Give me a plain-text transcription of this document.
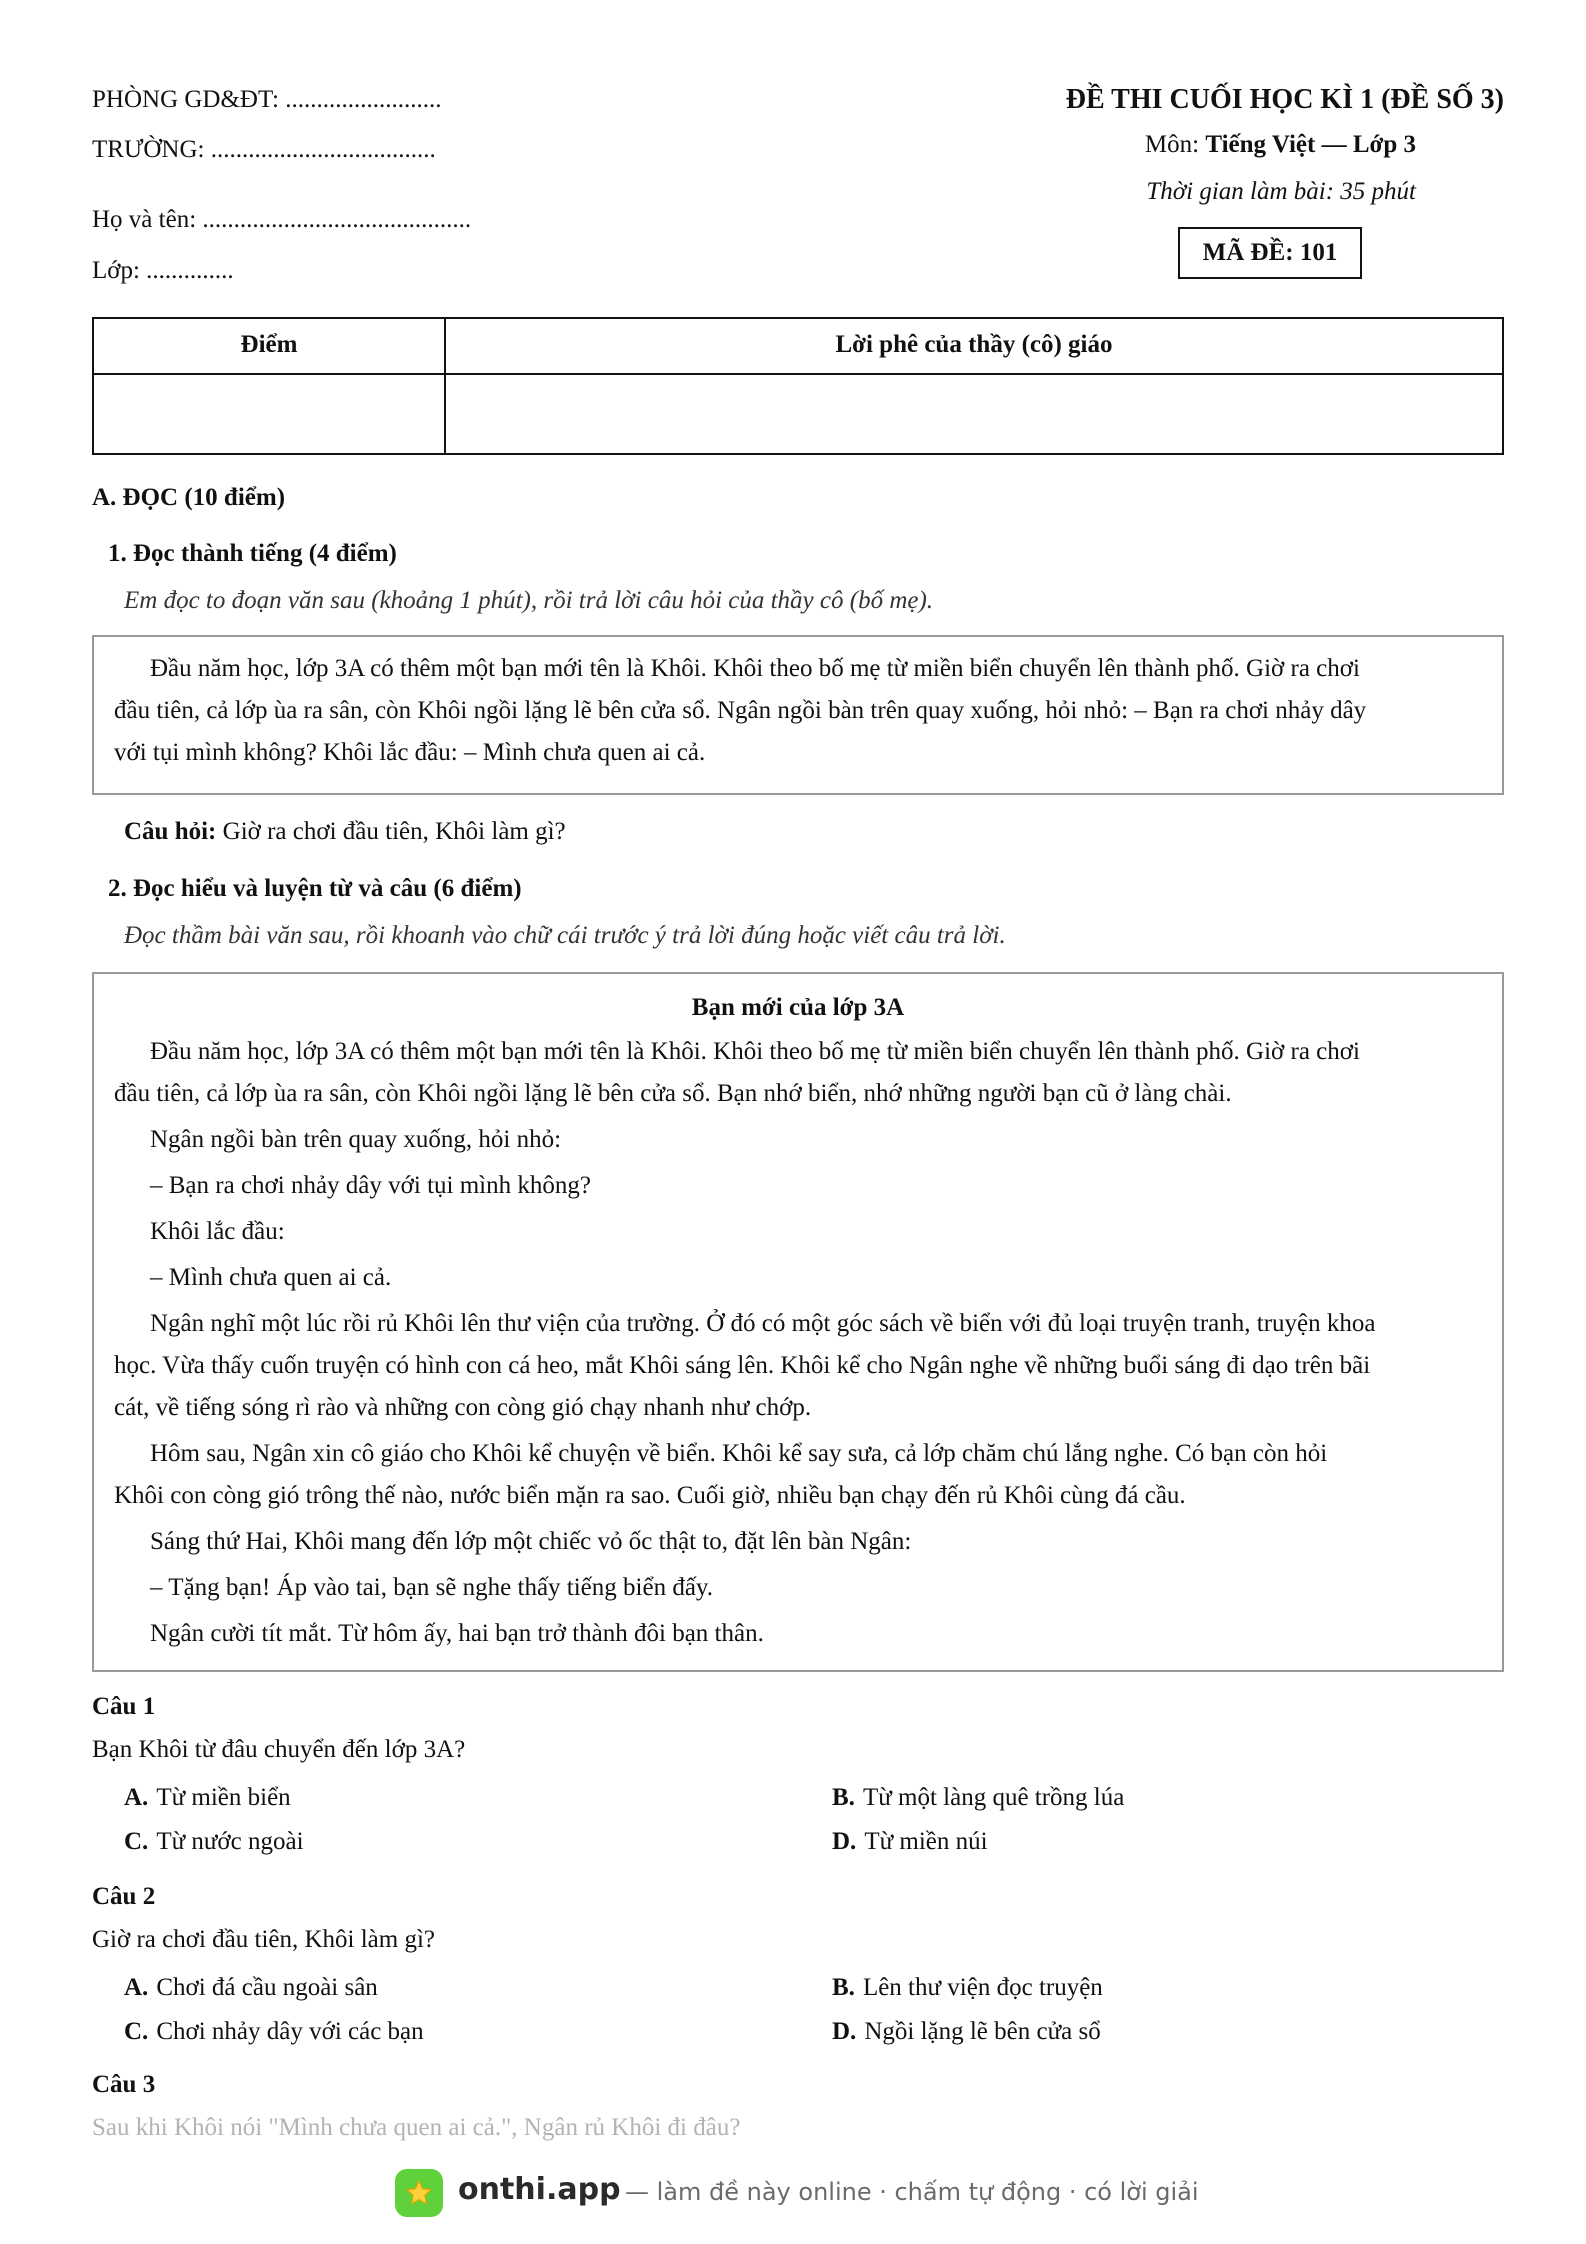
PHÒNG GD&ĐT: .........................
TRƯỜNG: ....................................
Họ và tên: ...........................................
Lớp: ..............
ĐỀ THI CUỐI HỌC KÌ 1 (ĐỀ SỐ 3)
Môn: Tiếng Việt — Lớp 3
Thời gian làm bài: 35 phút
MÃ ĐỀ: 101
Điểm	Lời phê của thầy (cô) giáo
A. ĐỌC (10 điểm)
1. Đọc thành tiếng (4 điểm)
Em đọc to đoạn văn sau (khoảng 1 phút), rồi trả lời câu hỏi của thầy cô (bố mẹ).

Đầu năm học, lớp 3A có thêm một bạn mới tên là Khôi. Khôi theo bố mẹ từ miền biển chuyển lên thành phố. Giờ ra chơi

đầu tiên, cả lớp ùa ra sân, còn Khôi ngồi lặng lẽ bên cửa sổ. Ngân ngồi bàn trên quay xuống, hỏi nhỏ: – Bạn ra chơi nhảy dây

với tụi mình không? Khôi lắc đầu: – Mình chưa quen ai cả.

Câu hỏi: Giờ ra chơi đầu tiên, Khôi làm gì?
2. Đọc hiểu và luyện từ và câu (6 điểm)
Đọc thầm bài văn sau, rồi khoanh vào chữ cái trước ý trả lời đúng hoặc viết câu trả lời.

Bạn mới của lớp 3A

Đầu năm học, lớp 3A có thêm một bạn mới tên là Khôi. Khôi theo bố mẹ từ miền biển chuyển lên thành phố. Giờ ra chơi

đầu tiên, cả lớp ùa ra sân, còn Khôi ngồi lặng lẽ bên cửa sổ. Bạn nhớ biển, nhớ những người bạn cũ ở làng chài.

Ngân ngồi bàn trên quay xuống, hỏi nhỏ:

– Bạn ra chơi nhảy dây với tụi mình không?

Khôi lắc đầu:

– Mình chưa quen ai cả.

Ngân nghĩ một lúc rồi rủ Khôi lên thư viện của trường. Ở đó có một góc sách về biển với đủ loại truyện tranh, truyện khoa

học. Vừa thấy cuốn truyện có hình con cá heo, mắt Khôi sáng lên. Khôi kể cho Ngân nghe về những buổi sáng đi dạo trên bãi

cát, về tiếng sóng rì rào và những con còng gió chạy nhanh như chớp.

Hôm sau, Ngân xin cô giáo cho Khôi kể chuyện về biển. Khôi kể say sưa, cả lớp chăm chú lắng nghe. Có bạn còn hỏi

Khôi con còng gió trông thế nào, nước biển mặn ra sao. Cuối giờ, nhiều bạn chạy đến rủ Khôi cùng đá cầu.

Sáng thứ Hai, Khôi mang đến lớp một chiếc vỏ ốc thật to, đặt lên bàn Ngân:

– Tặng bạn! Áp vào tai, bạn sẽ nghe thấy tiếng biển đấy.

Ngân cười tít mắt. Từ hôm ấy, hai bạn trở thành đôi bạn thân.

Câu 1
Bạn Khôi từ đâu chuyển đến lớp 3A?
A. Từ miền biển	B. Từ một làng quê trồng lúa
C. Từ nước ngoài	D. Từ miền núi
Câu 2
Giờ ra chơi đầu tiên, Khôi làm gì?
A. Chơi đá cầu ngoài sân	B. Lên thư viện đọc truyện
C. Chơi nhảy dây với các bạn	D. Ngồi lặng lẽ bên cửa sổ
Câu 3
Sau khi Khôi nói "Mình chưa quen ai cả.", Ngân rủ Khôi đi đâu?
onthi.app — làm đề này online · chấm tự động · có lời giải
